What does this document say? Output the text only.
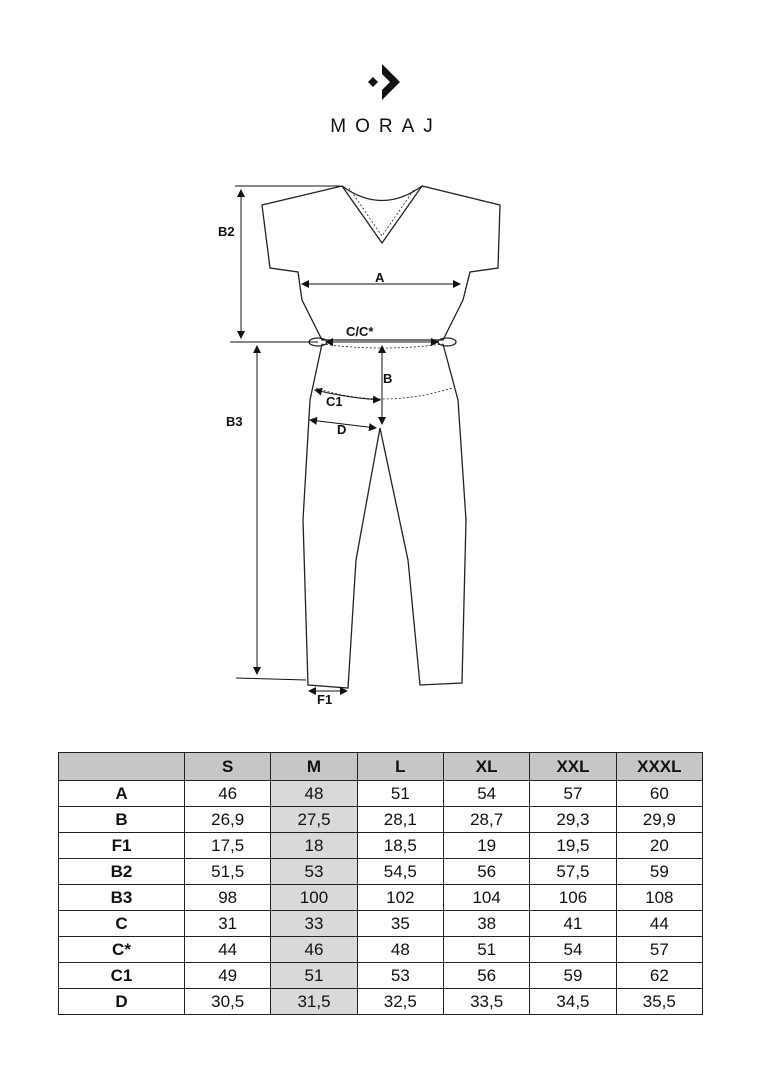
MORAJ
B2
B3
A
C/C*
B
C1
D
F1
	S	M	L	XL	XXL	XXXL
A	46	48	51	54	57	60
B	26,9	27,5	28,1	28,7	29,3	29,9
F1	17,5	18	18,5	19	19,5	20
B2	51,5	53	54,5	56	57,5	59
B3	98	100	102	104	106	108
C	31	33	35	38	41	44
C*	44	46	48	51	54	57
C1	49	51	53	56	59	62
D	30,5	31,5	32,5	33,5	34,5	35,5
